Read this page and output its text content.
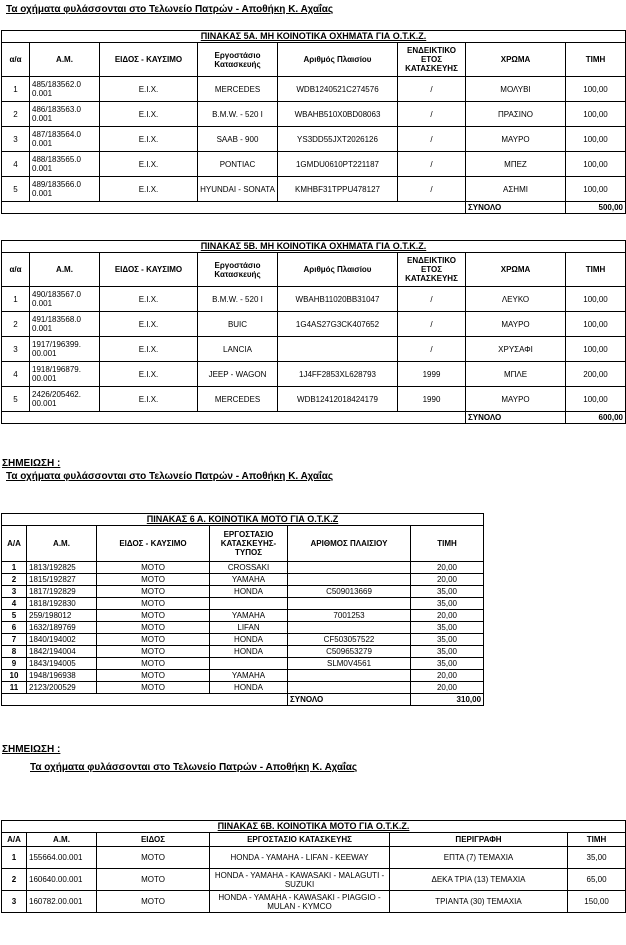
Τα οχήματα φυλάσσονται στο Τελωνείο Πατρών - Αποθήκη Κ. Αχαΐας
ΠΙΝΑΚΑΣ 5Α. ΜΗ ΚΟΙΝΟΤΙΚΑ ΟΧΗΜΑΤΑ ΓΙΑ Ο.Τ.Κ.Ζ.							
α/α	Α.Μ.	ΕΙΔΟΣ - ΚΑΥΣΙΜΟ	Εργοστάσιο Κατασκευής	Αριθμός Πλαισίου	ΕΝΔΕΙΚΤΙΚΟ ΕΤΟΣ ΚΑΤΑΣΚΕΥΗΣ	ΧΡΩΜΑ	ΤΙΜΗ
1	485/183562.0 0.001	Ε.Ι.Χ.	MERCEDES	WDB1240521C274576	/	ΜΟΛΥΒΙ	100,00
2	486/183563.0 0.001	Ε.Ι.Χ.	B.M.W. - 520 I	WBAHB510X0BD08063	/	ΠΡΑΣΙΝΟ	100,00
3	487/183564.0 0.001	Ε.Ι.Χ.	SAAB - 900	YS3DD55JXT2026126	/	ΜΑΥΡΟ	100,00
4	488/183565.0 0.001	Ε.Ι.Χ.	PONTIAC	1GMDU0610PT221187	/	ΜΠΕΖ	100,00
5	489/183566.0 0.001	Ε.Ι.Χ.	HYUNDAI - SONATA	KMHBF31TPPU478127	/	ΑΣΗΜΙ	100,00
						ΣΥΝΟΛΟ	500,00
ΠΙΝΑΚΑΣ 5Β. ΜΗ ΚΟΙΝΟΤΙΚΑ ΟΧΗΜΑΤΑ ΓΙΑ Ο.Τ.Κ.Ζ.							
α/α	Α.Μ.	ΕΙΔΟΣ - ΚΑΥΣΙΜΟ	Εργοστάσιο Κατασκευής	Αριθμός Πλαισίου	ΕΝΔΕΙΚΤΙΚΟ ΕΤΟΣ ΚΑΤΑΣΚΕΥΗΣ	ΧΡΩΜΑ	ΤΙΜΗ
1	490/183567.0 0.001	Ε.Ι.Χ.	B.M.W. - 520 I	WBAHB11020BB31047	/	ΛΕΥΚΟ	100,00
2	491/183568.0 0.001	Ε.Ι.Χ.	BUIC	1G4AS27G3CK407652	/	ΜΑΥΡΟ	100,00
3	1917/196399. 00.001	Ε.Ι.Χ.	LANCIA		/	ΧΡΥΣΑΦΙ	100,00
4	1918/196879. 00.001	Ε.Ι.Χ.	JEEP - WAGON	1J4FF2853XL628793	1999	ΜΠΛΕ	200,00
5	2426/205462. 00.001	Ε.Ι.Χ.	MERCEDES	WDB12412018424179	1990	ΜΑΥΡΟ	100,00
						ΣΥΝΟΛΟ	600,00
ΣΗΜΕΙΩΣΗ :
Τα οχήματα φυλάσσονται στο Τελωνείο Πατρών - Αποθήκη Κ. Αχαΐας
ΠΙΝΑΚΑΣ 6 Α. ΚΟΙΝΟΤΙΚΑ ΜΟΤΟ ΓΙΑ Ο.Τ.Κ.Ζ					
Α/Α	Α.Μ.	ΕΙΔΟΣ - ΚΑΥΣΙΜΟ	ΕΡΓΟΣΤΑΣΙΟ ΚΑΤΑΣΚΕΥΗΣ- ΤΥΠΟΣ	ΑΡΙΘΜΟΣ ΠΛΑΙΣΙΟΥ	ΤΙΜΗ
1	1813/192825	ΜΟΤΟ	CROSSAKI		20,00
2	1815/192827	ΜΟΤΟ	YAMAHA		20,00
3	1817/192829	ΜΟΤΟ	HONDA	C509013669	35,00
4	1818/192830	ΜΟΤΟ			35,00
5	259/198012	ΜΟΤΟ	YAMAHA	7001253	20,00
6	1632/189769	ΜΟΤΟ	LIFAN		35,00
7	1840/194002	ΜΟΤΟ	HONDA	CF503057522	35,00
8	1842/194004	ΜΟΤΟ	HONDA	C509653279	35,00
9	1843/194005	ΜΟΤΟ		SLM0V4561	35,00
10	1948/196938	ΜΟΤΟ	YAMAHA		20,00
11	2123/200529	ΜΟΤΟ	HONDA		20,00
				ΣΥΝΟΛΟ	310,00
ΣΗΜΕΙΩΣΗ :
Τα οχήματα φυλάσσονται στο Τελωνείο Πατρών - Αποθήκη Κ. Αχαΐας
ΠΙΝΑΚΑΣ 6Β. ΚΟΙΝΟΤΙΚΑ ΜΟΤΟ ΓΙΑ Ο.Τ.Κ.Ζ.					
Α/Α	Α.Μ.	ΕΙΔΟΣ	ΕΡΓΟΣΤΑΣΙΟ ΚΑΤΑΣΚΕΥΗΣ	ΠΕΡΙΓΡΑΦΗ	ΤΙΜΗ
1	155664.00.001	ΜΟΤΟ	HONDA - YAMAHA - LIFAN - KEEWAY	ΕΠΤΑ (7) ΤΕΜΑΧΙΑ	35,00
2	160640.00.001	ΜΟΤΟ	HONDA - YAMAHA - KAWASAKI - MALAGUTI - SUZUKI	ΔΕΚΑ ΤΡΙΑ (13) ΤΕΜΑΧΙΑ	65,00
3	160782.00.001	ΜΟΤΟ	HONDA - YAMAHA - KAWASAKI - PIAGGIO - MULAN - KYMCO	ΤΡΙΑΝΤΑ (30) ΤΕΜΑΧΙΑ	150,00
